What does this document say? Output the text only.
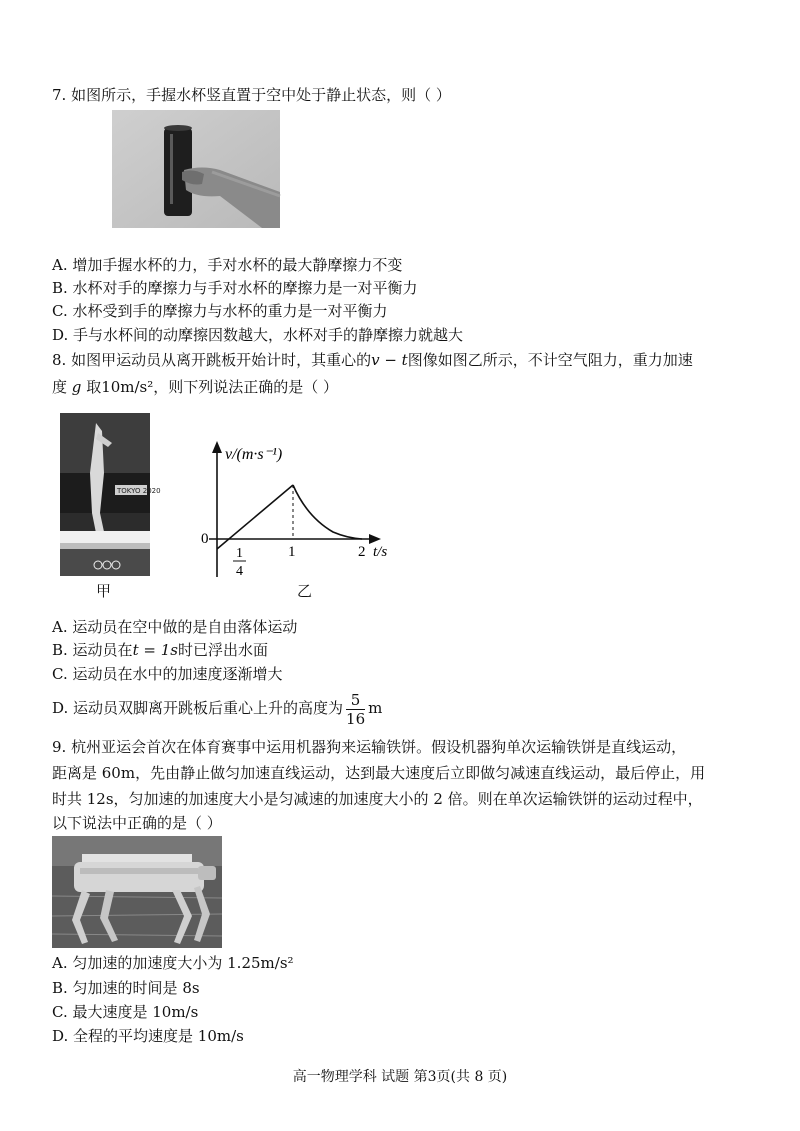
7. 如图所示，手握水杯竖直置于空中处于静止状态，则（ ）
A. 增加手握水杯的力，手对水杯的最大静摩擦力不变
B. 水杯对手的摩擦力与手对水杯的摩擦力是一对平衡力
C. 水杯受到手的摩擦力与水杯的重力是一对平衡力
D. 手与水杯间的动摩擦因数越大，水杯对手的静摩擦力就越大
8. 如图甲运动员从离开跳板开始计时，其重心的v − t图像如图乙所示，不计空气阻力，重力加速
度 g 取10m/s²，则下列说法正确的是（ ）
TOKYO 2020
甲
v/(m·s⁻¹)
0
1	2 t/s
1
4
乙
A. 运动员在空中做的是自由落体运动
B. 运动员在t = 1s时已浮出水面
C. 运动员在水中的加速度逐渐增大
D. 运动员双脚离开跳板后重心上升的高度为 $\frac{5}{16}$ m
9. 杭州亚运会首次在体育赛事中运用机器狗来运输铁饼。假设机器狗单次运输铁饼是直线运动，
距离是 60m，先由静止做匀加速直线运动，达到最大速度后立即做匀减速直线运动，最后停止，用
时共 12s，匀加速的加速度大小是匀减速的加速度大小的 2 倍。则在单次运输铁饼的运动过程中，
以下说法中正确的是（ ）
A. 匀加速的加速度大小为 1.25m/s²
B. 匀加速的时间是 8s
C. 最大速度是 10m/s
D. 全程的平均速度是 10m/s
高一物理学科 试题 第3页(共 8 页)
